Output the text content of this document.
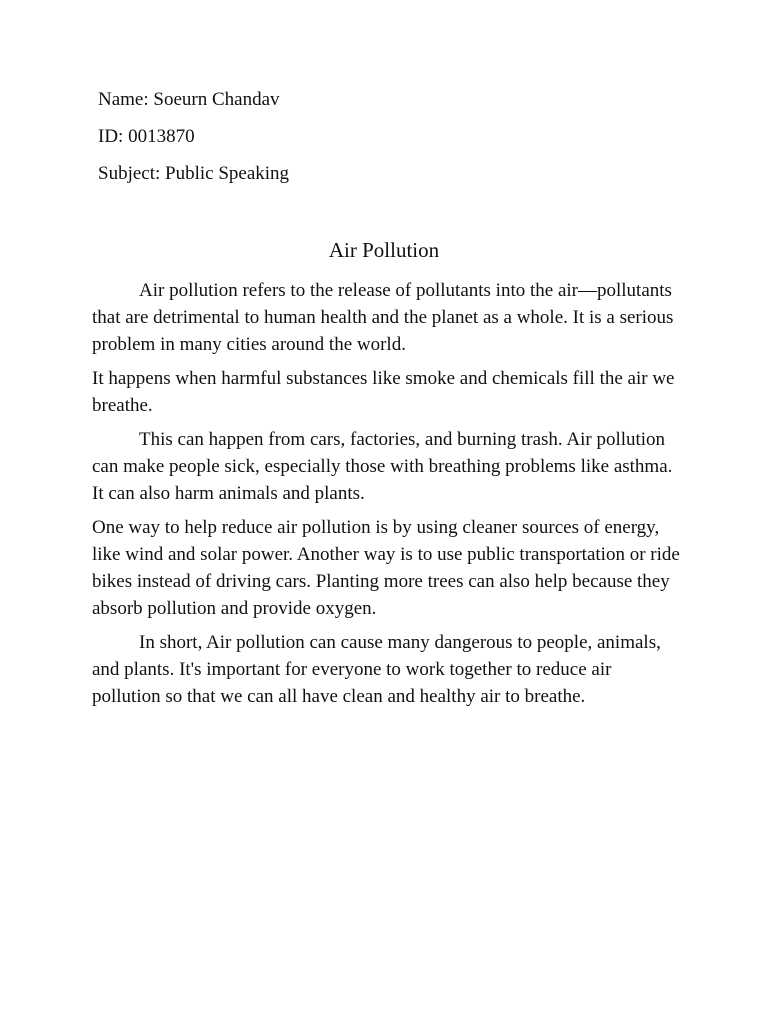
Name: Soeurn Chandav
ID: 0013870
Subject: Public Speaking
Air Pollution

Air pollution refers to the release of pollutants into the air—pollutants that are detrimental to human health and the planet as a whole. It is a serious problem in many cities around the world.

It happens when harmful substances like smoke and chemicals fill the air we breathe.

This can happen from cars, factories, and burning trash. Air pollution can make people sick, especially those with breathing problems like asthma. It can also harm animals and plants.

One way to help reduce air pollution is by using cleaner sources of energy, like wind and solar power. Another way is to use public transportation or ride bikes instead of driving cars. Planting more trees can also help because they absorb pollution and provide oxygen.

In short, Air pollution can cause many dangerous to people, animals, and plants. It's important for everyone to work together to reduce air pollution so that we can all have clean and healthy air to breathe.
